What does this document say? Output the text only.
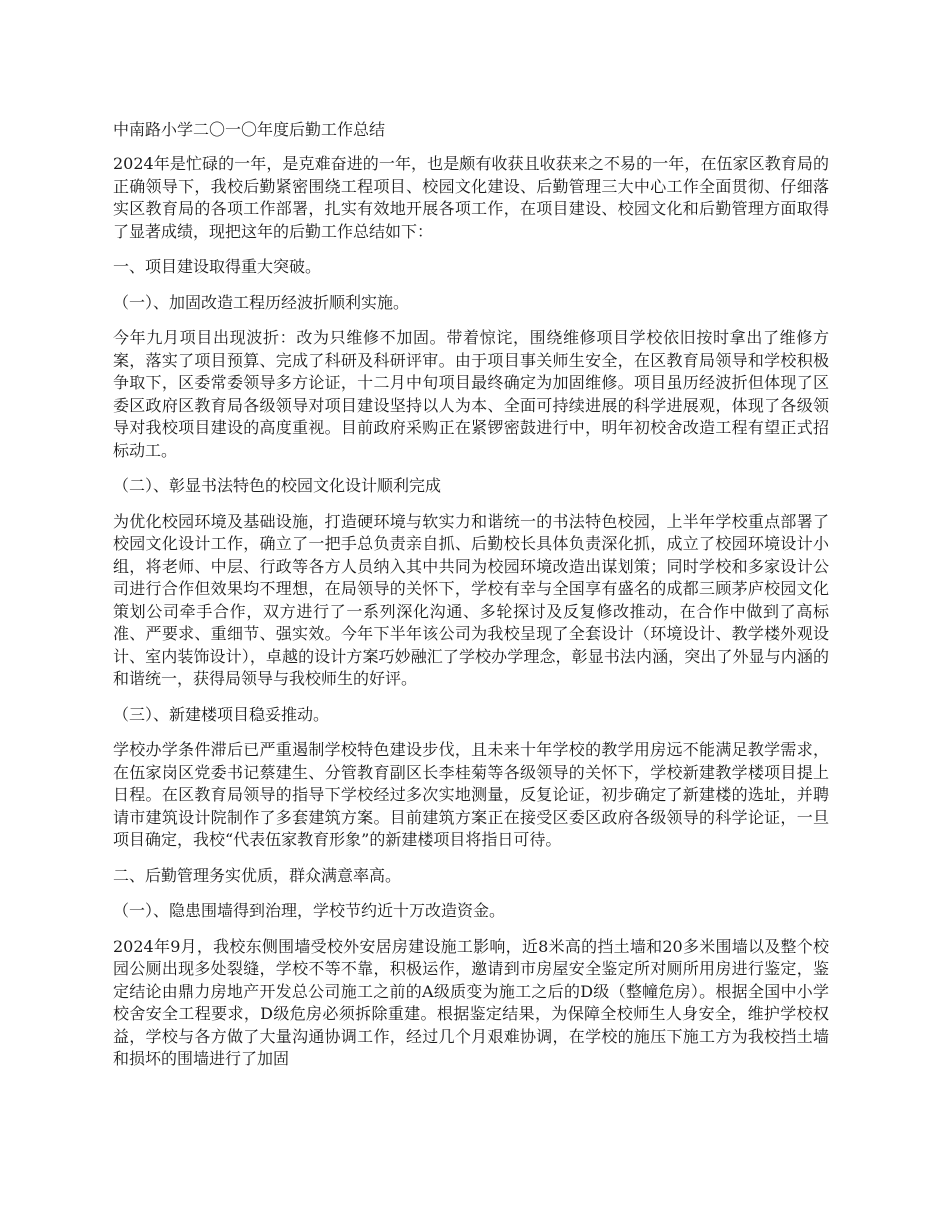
中南路小学二〇一〇年度后勤工作总结
2024年是忙碌的一年，是克难奋进的一年，也是颇有收获且收获来之不易的一年，在伍家区教育局的正确领导下，我校后勤紧密围绕工程项目、校园文化建设、后勤管理三大中心工作全面贯彻、仔细落实区教育局的各项工作部署，扎实有效地开展各项工作，在项目建设、校园文化和后勤管理方面取得了显著成绩，现把这年的后勤工作总结如下：
一、项目建设取得重大突破。
（一）、加固改造工程历经波折顺利实施。
今年九月项目出现波折：改为只维修不加固。带着惊诧，围绕维修项目学校依旧按时拿出了维修方案，落实了项目预算、完成了科研及科研评审。由于项目事关师生安全，在区教育局领导和学校积极争取下，区委常委领导多方论证，十二月中旬项目最终确定为加固维修。项目虽历经波折但体现了区委区政府区教育局各级领导对项目建设坚持以人为本、全面可持续进展的科学进展观，体现了各级领导对我校项目建设的高度重视。目前政府采购正在紧锣密鼓进行中，明年初校舍改造工程有望正式招标动工。
（二）、彰显书法特色的校园文化设计顺利完成
为优化校园环境及基础设施，打造硬环境与软实力和谐统一的书法特色校园，上半年学校重点部署了校园文化设计工作，确立了一把手总负责亲自抓、后勤校长具体负责深化抓，成立了校园环境设计小组，将老师、中层、行政等各方人员纳入其中共同为校园环境改造出谋划策；同时学校和多家设计公司进行合作但效果均不理想，在局领导的关怀下，学校有幸与全国享有盛名的成都三顾茅庐校园文化策划公司牵手合作，双方进行了一系列深化沟通、多轮探讨及反复修改推动，在合作中做到了高标准、严要求、重细节、强实效。今年下半年该公司为我校呈现了全套设计（环境设计、教学楼外观设计、室内装饰设计），卓越的设计方案巧妙融汇了学校办学理念，彰显书法内涵，突出了外显与内涵的和谐统一，获得局领导与我校师生的好评。
（三）、新建楼项目稳妥推动。
学校办学条件滞后已严重遏制学校特色建设步伐，且未来十年学校的教学用房远不能满足教学需求，在伍家岗区党委书记蔡建生、分管教育副区长李桂菊等各级领导的关怀下，学校新建教学楼项目提上日程。在区教育局领导的指导下学校经过多次实地测量，反复论证，初步确定了新建楼的选址，并聘请市建筑设计院制作了多套建筑方案。目前建筑方案正在接受区委区政府各级领导的科学论证，一旦项目确定，我校“代表伍家教育形象”的新建楼项目将指日可待。
二、后勤管理务实优质，群众满意率高。
（一）、隐患围墙得到治理，学校节约近十万改造资金。
2024年9月，我校东侧围墙受校外安居房建设施工影响，近8米高的挡土墙和20多米围墙以及整个校园公厕出现多处裂缝，学校不等不靠，积极运作，邀请到市房屋安全鉴定所对厕所用房进行鉴定，鉴定结论由鼎力房地产开发总公司施工之前的A级质变为施工之后的D级（整幢危房）。根据全国中小学校舍安全工程要求，D级危房必须拆除重建。根据鉴定结果，为保障全校师生人身安全，维护学校权益，学校与各方做了大量沟通协调工作，经过几个月艰难协调，在学校的施压下施工方为我校挡土墙和损坏的围墙进行了加固
